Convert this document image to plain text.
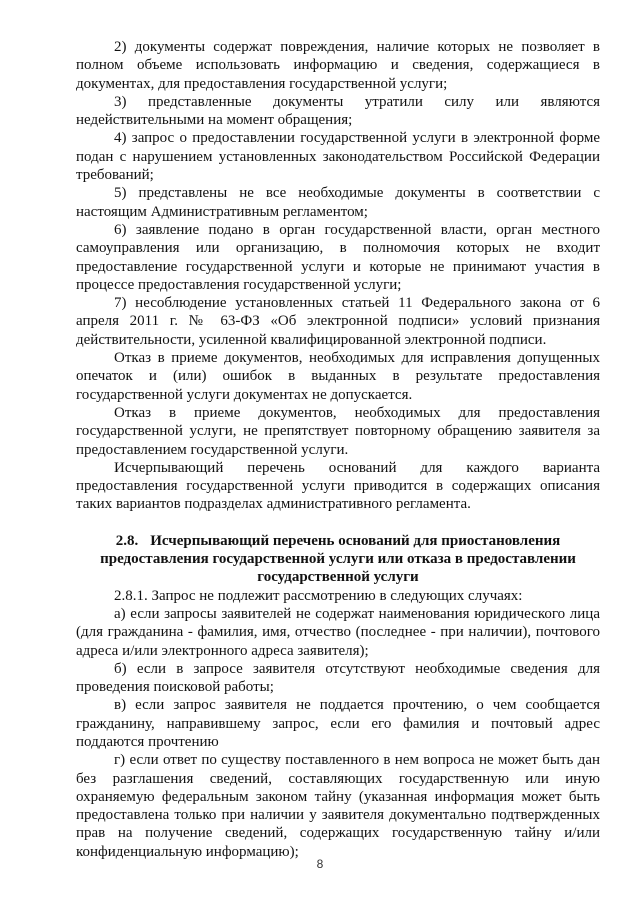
2) документы содержат повреждения, наличие которых не позволяет в полном объеме использовать информацию и сведения, содержащиеся в документах, для предоставления государственной услуги;

3) представленные документы утратили силу или являются недействительными на момент обращения;

4) запрос о предоставлении государственной услуги в электронной форме подан с нарушением установленных законодательством Российской Федерации требований;

5) представлены не все необходимые документы в соответствии с настоящим Административным регламентом;

6) заявление подано в орган государственной власти, орган местного самоуправления или организацию, в полномочия которых не входит предоставление государственной услуги и которые не принимают участия в процессе предоставления государственной услуги;

7) несоблюдение установленных статьей 11 Федерального закона от 6 апреля 2011 г. № 63-ФЗ «Об электронной подписи» условий признания действительности, усиленной квалифицированной электронной подписи.

Отказ в приеме документов, необходимых для исправления допущенных опечаток и (или) ошибок в выданных в результате предоставления государственной услуги документах не допускается.

Отказ в приеме документов, необходимых для предоставления государственной услуги, не препятствует повторному обращению заявителя за предоставлением государственной услуги.

Исчерпывающий перечень оснований для каждого варианта предоставления государственной услуги приводится в содержащих описания таких вариантов подразделах административного регламента.

2.8. Исчерпывающий перечень оснований для приостановления предоставления государственной услуги или отказа в предоставлении государственной услуги

2.8.1. Запрос не подлежит рассмотрению в следующих случаях:

а) если запросы заявителей не содержат наименования юридического лица (для гражданина - фамилия, имя, отчество (последнее - при наличии), почтового адреса и/или электронного адреса заявителя);

б) если в запросе заявителя отсутствуют необходимые сведения для проведения поисковой работы;

в) если запрос заявителя не поддается прочтению, о чем сообщается гражданину, направившему запрос, если его фамилия и почтовый адрес поддаются прочтению

г) если ответ по существу поставленного в нем вопроса не может быть дан без разглашения сведений, составляющих государственную или иную охраняемую федеральным законом тайну (указанная информация может быть предоставлена только при наличии у заявителя документально подтвержденных прав на получение сведений, содержащих государственную тайну и/или конфиденциальную информацию);

8
